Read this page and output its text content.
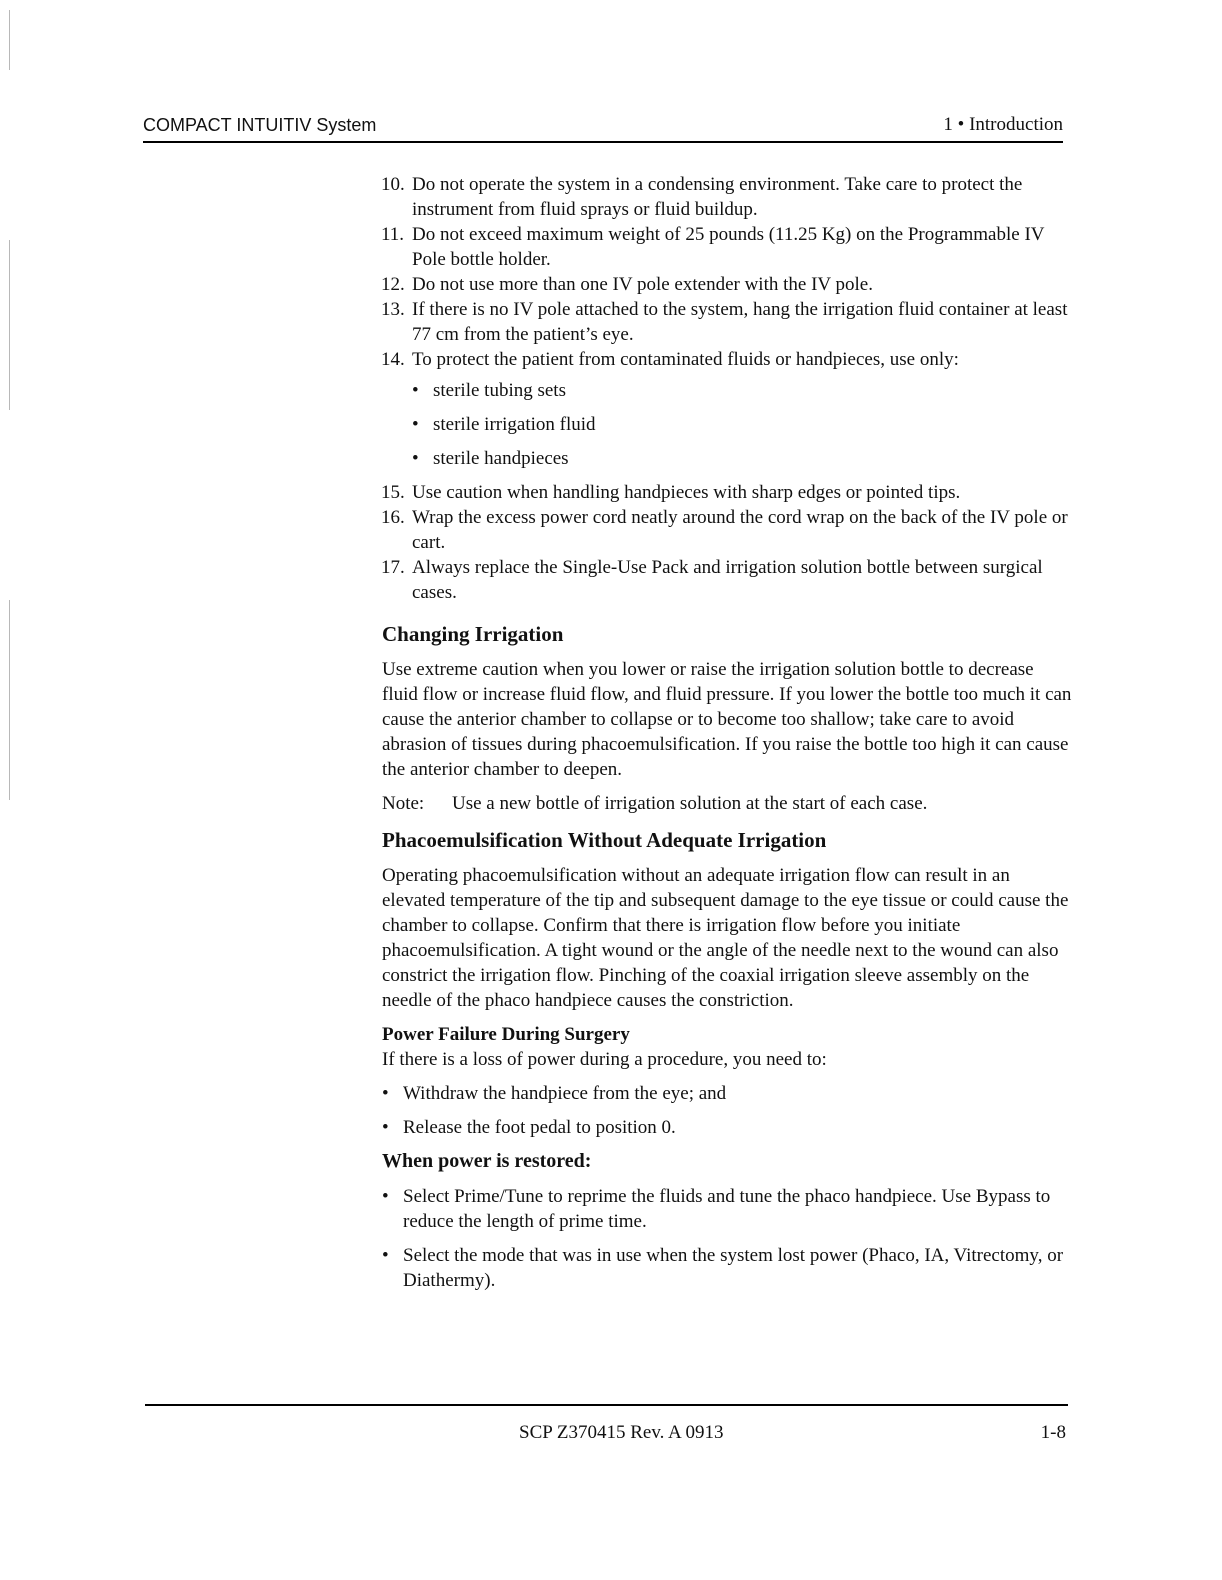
COMPACT INTUITIV System	1 • Introduction
10. Do not operate the system in a condensing environment. Take care to protect the instrument from fluid sprays or fluid buildup.
11. Do not exceed maximum weight of 25 pounds (11.25 Kg) on the Programmable IV Pole bottle holder.
12. Do not use more than one IV pole extender with the IV pole.
13. If there is no IV pole attached to the system, hang the irrigation fluid container at least 77 cm from the patient’s eye.
14. To protect the patient from contaminated fluids or handpieces, use only:
• sterile tubing sets
• sterile irrigation fluid
• sterile handpieces
15. Use caution when handling handpieces with sharp edges or pointed tips.
16. Wrap the excess power cord neatly around the cord wrap on the back of the IV pole or cart.
17. Always replace the Single-Use Pack and irrigation solution bottle between surgical cases.
Changing Irrigation

Use extreme caution when you lower or raise the irrigation solution bottle to decrease fluid flow or increase fluid flow, and fluid pressure. If you lower the bottle too much it can cause the anterior chamber to collapse or to become too shallow; take care to avoid abrasion of tissues during phacoemulsification. If you raise the bottle too high it can cause the anterior chamber to deepen.

Note:	Use a new bottle of irrigation solution at the start of each case.
Phacoemulsification Without Adequate Irrigation

Operating phacoemulsification without an adequate irrigation flow can result in an elevated temperature of the tip and subsequent damage to the eye tissue or could cause the chamber to collapse. Confirm that there is irrigation flow before you initiate phacoemulsification. A tight wound or the angle of the needle next to the wound can also constrict the irrigation flow. Pinching of the coaxial irrigation sleeve assembly on the needle of the phaco handpiece causes the constriction.

Power Failure During Surgery

If there is a loss of power during a procedure, you need to:

• Withdraw the handpiece from the eye; and
• Release the foot pedal to position 0.
When power is restored:
• Select Prime/Tune to reprime the fluids and tune the phaco handpiece. Use Bypass to reduce the length of prime time.
• Select the mode that was in use when the system lost power (Phaco, IA, Vitrectomy, or Diathermy).
SCP Z370415 Rev. A 0913	1-8
